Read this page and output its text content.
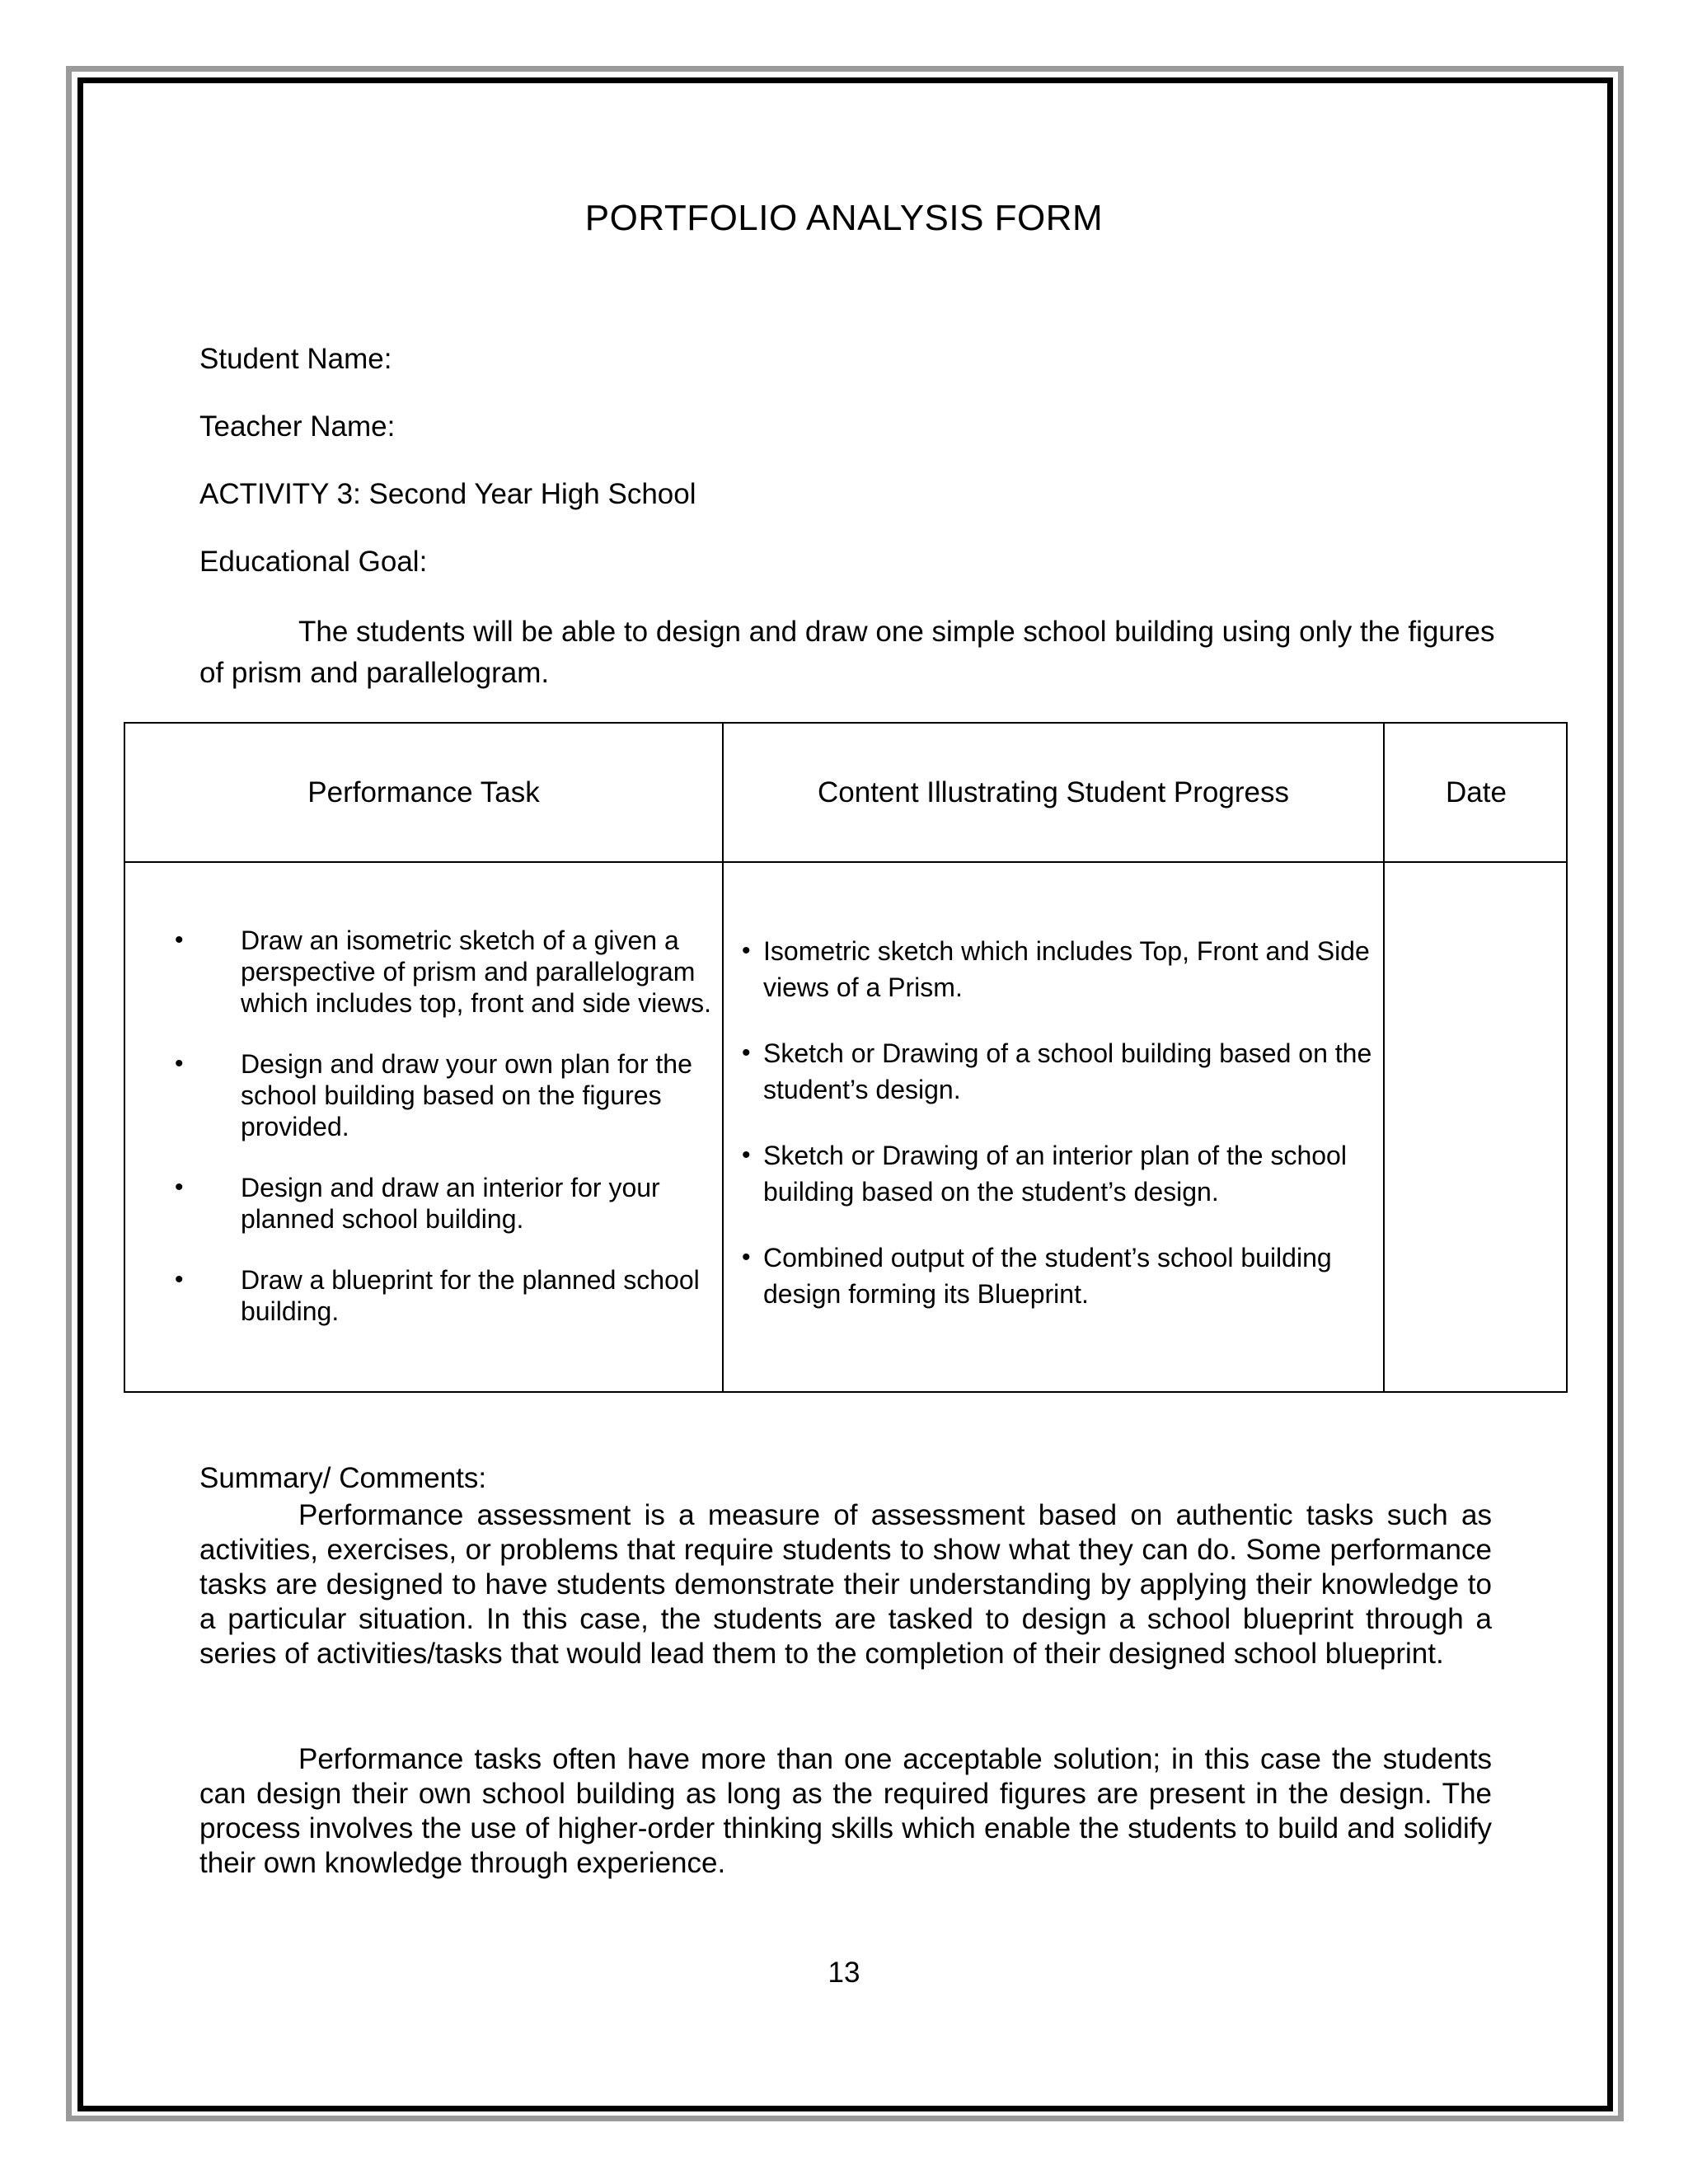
PORTFOLIO ANALYSIS FORM
Student Name:
Teacher Name:
ACTIVITY 3: Second Year High School
Educational Goal:
The students will be able to design and draw one simple school building using only the figures of prism and parallelogram.
Performance Task	Content Illustrating Student Progress	Date
• Draw an isometric sketch of a given a perspective of prism and parallelogram which includes top, front and side views.
• Design and draw your own plan for the school building based on the figures provided.
• Design and draw an interior for your planned school building.
• Draw a blueprint for the planned school building.
• Isometric sketch which includes Top, Front and Side views of a Prism.
• Sketch or Drawing of a school building based on the student’s design.
• Sketch or Drawing of an interior plan of the school building based on the student’s design.
• Combined output of the student’s school building design forming its Blueprint.
Summary/ Comments:
Performance assessment is a measure of assessment based on authentic tasks such as activities, exercises, or problems that require students to show what they can do. Some performance tasks are designed to have students demonstrate their understanding by applying their knowledge to a particular situation. In this case, the students are tasked to design a school blueprint through a series of activities/tasks that would lead them to the completion of their designed school blueprint.
Performance tasks often have more than one acceptable solution; in this case the students can design their own school building as long as the required figures are present in the design. The process involves the use of higher-order thinking skills which enable the students to build and solidify their own knowledge through experience.
13
